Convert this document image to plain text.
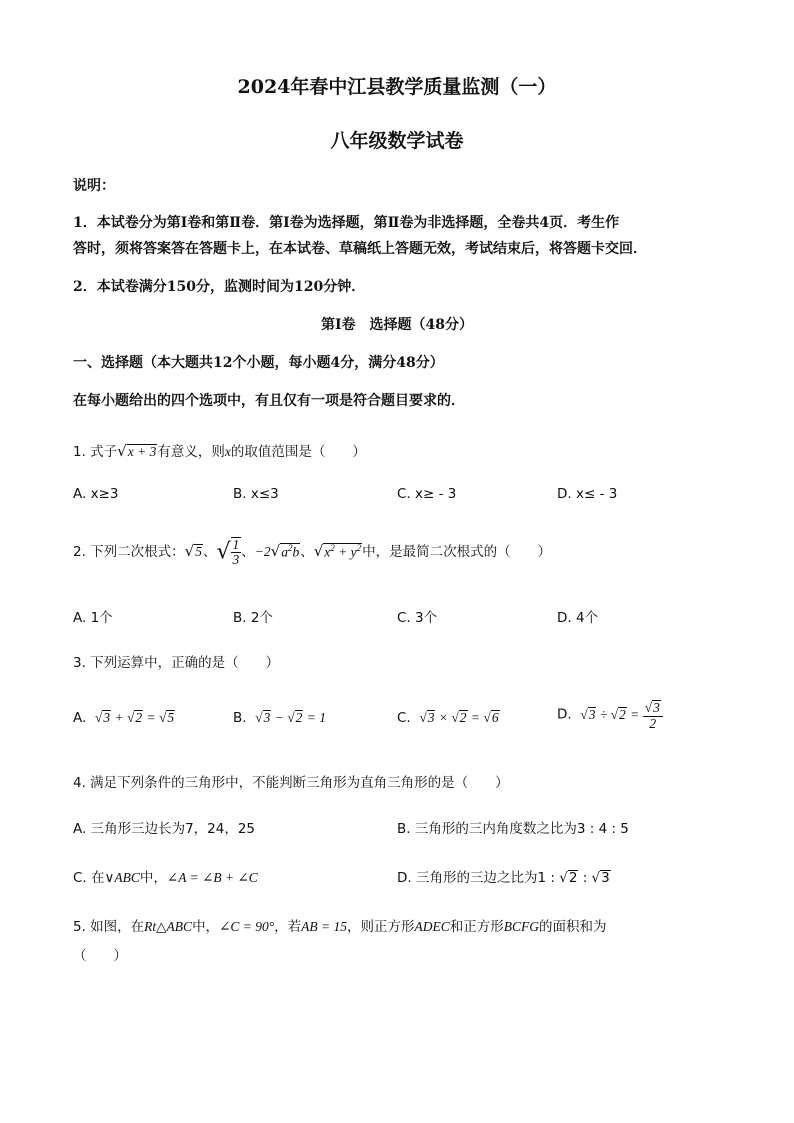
2024年春中江县教学质量监测（一）
八年级数学试卷
说明：
1．本试卷分为第Ⅰ卷和第Ⅱ卷．第Ⅰ卷为选择题，第Ⅱ卷为非选择题，全卷共4页．考生作
答时，须将答案答在答题卡上，在本试卷、草稿纸上答题无效，考试结束后，将答题卡交回．
2．本试卷满分150分，监测时间为120分钟．
第Ⅰ卷　选择题（48分）
一、选择题（本大题共12个小题，每小题4分，满分48分）
在每小题给出的四个选项中，有且仅有一项是符合题目要求的．
1. 式子√x + 3有意义，则x的取值范围是（　　）
A. x≥3	B. x≤3	C. x≥ - 3	D. x≤ - 3
2. 下列二次根式：√5、√ $\frac{1}{3}$ 、$-2√a^2b$、$√x^2 + y^2$中，是最简二次根式的（　　）
A. 1个	B. 2个	C. 3个	D. 4个
3. 下列运算中，正确的是（　　）
A. √3 + √2 = √5	B. √3 − √2 = 1	C. √3 × √2 = √6	D. $√3 \div √2 = \frac{√3}{2}$
4. 满足下列条件的三角形中，不能判断三角形为直角三角形的是（　　）
A. 三角形三边长为7，24，25	B. 三角形的三内角度数之比为3 : 4 : 5
C. 在∨ABC中，∠A = ∠B + ∠C	D. 三角形的三边之比为1 : √2 : √3
5. 如图，在Rt△ABC中，∠C = 90°，若AB = 15，则正方形ADEC和正方形BCFG的面积和为
（　　）
